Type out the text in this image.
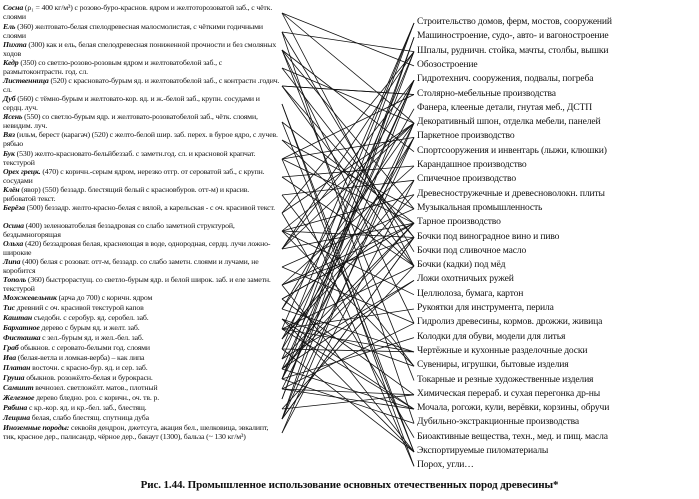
Сосна (ρ₁ = 400 кг/м³) с розово-буро-краснов. ядром и желтоторозоватой заб., с чётк. слоями
Ель (360) желтовато-белая спелодревесная малосмолистая, с чёткими годичными слоями
Пихта (300) как и ель, белая спелодревесная пониженной прочности и без смоляных ходов
Кедр (350) со светло-розово-розовым ядром и желтоватобелой заб., с размытоконтрастн. год. сл.
Лиственница (520) с красновато-бурым яд. и желтоватобелой заб., с контрастн .годич. сл.
Дуб (560) с тёмно-бурым и желтовато-кор. яд. и ж.-белой заб., крупн. сосудами и сердц. луч.
Ясень (550) со светло-бурым ядр. и желтовато-розоватобелой заб., чётк. слоями, невидим. луч.
Вяз (ильм, берест (карагач) (520) с желто-белой шир. заб. перех. в бурое ядро, с лучев. рябью
Бук (530) желто-красновато-бельйбеззаб. с заметн.год. сл. и красновой крапчат. текстурой
Орех грецк. (470) с коричн.-серым ядром, нерезко отгр. от сероватой заб., с крупн. сосудами
Клён (явор) (550) беззадр. блестящий белый с красновбуров. отт-м) и красив. рибоватой текст.
Берёза (500) беззадр. желто-красно-белая с вялой, а карельская - с оч. красивой текст.
Осина (400) зеленоватобелая беззадровая со слабо заметной структурой, бездымногорящая
Ольха (420) беззадровая белая, краснеющая в воде, однородная, сердц. лучи ложно-широкие
Липа (400) белая с розоват. отт-м, беззадр. со слабо заметн. слоями и лучами, не коробится
Тополь (360) быстрорастущ. со светло-бурым ядр. и белой широк. заб. и еле заметн. текстурой
Можжевельник (арча до 700) с коричн. ядром
Тис древний с оч. красивой текстурой капов
Каштан съедобн. с серобур. яд. серобел. заб.
Бархатное дерево с бурым яд. и желт. заб.
Фисташка с зел.-бурым яд. и жел.-бел. заб.
Граб обыкнов. с серовато-белыми год. слоями
Ива (белая-ветла и ломкая-верба) – как липа
Платан восточн. с красно-бур. яд. и сер. заб.
Груша обыкнов. розожёлто-белая и бурокрасн.
Самшит вечнозел. светложёлт. матов., плотный
Железное дерево бледно. роз. с коричн., оч. тв. р.
Рябина с кр.-кор. яд. и кр.-бел. заб., блестящ.
Лещина белая, слабо блестящ. спутница дуба
Иноземные породы: секвойя дендрон, джетсуга, акация бел., шелковица, эвкалипт, тик, красное дер., палисандр, чёрное дер., бакаут (1300), бальза (~ 130 кг/м³)
Строительство домов, ферм, мостов, сооружений
Машиностроение, судо-, авто- и вагоностроение
Шпалы, рудничн. стойка, мачты, столбы, вышки
Обозостроение
Гидротехнич. сооружения, подвалы, погреба
Столярно-мебельные производства
Фанера, клееные детали, гнутая меб., ДСТП
Декоративный шпон, отделка мебели, панелей
Паркетное производство
Спортсооружения и инвентарь (лыжи, клюшки)
Карандашное производство
Спичечное производство
Древесностружечные и древесноволокн. плиты
Музыкальная промышленность
Тарное производство
Бочки под виноградное вино и пиво
Бочки под сливочное масло
Бочки (кадки) под мёд
Ложи охотничьих ружей
Целлюлоза, бумага, картон
Рукоятки для инструмента, перила
Гидролиз древесины, кормов. дрожжи, живица
Колодки для обуви, модели для литья
Чертёжные и кухонные разделочные доски
Сувениры, игрушки, бытовые изделия
Токарные и резные художественные изделия
Химическая перераб. и сухая перегонка др-ны
Мочала, рогожи, кули, верёвки, корзины, обручи
Дубильно-экстракционные производства
Биоактивные вещества, техн., мед. и пищ. масла
Экспортируемые пиломатериалы
Порох, угли…
Рис. 1.44. Промышленное использование основных отечественных пород древесины*
